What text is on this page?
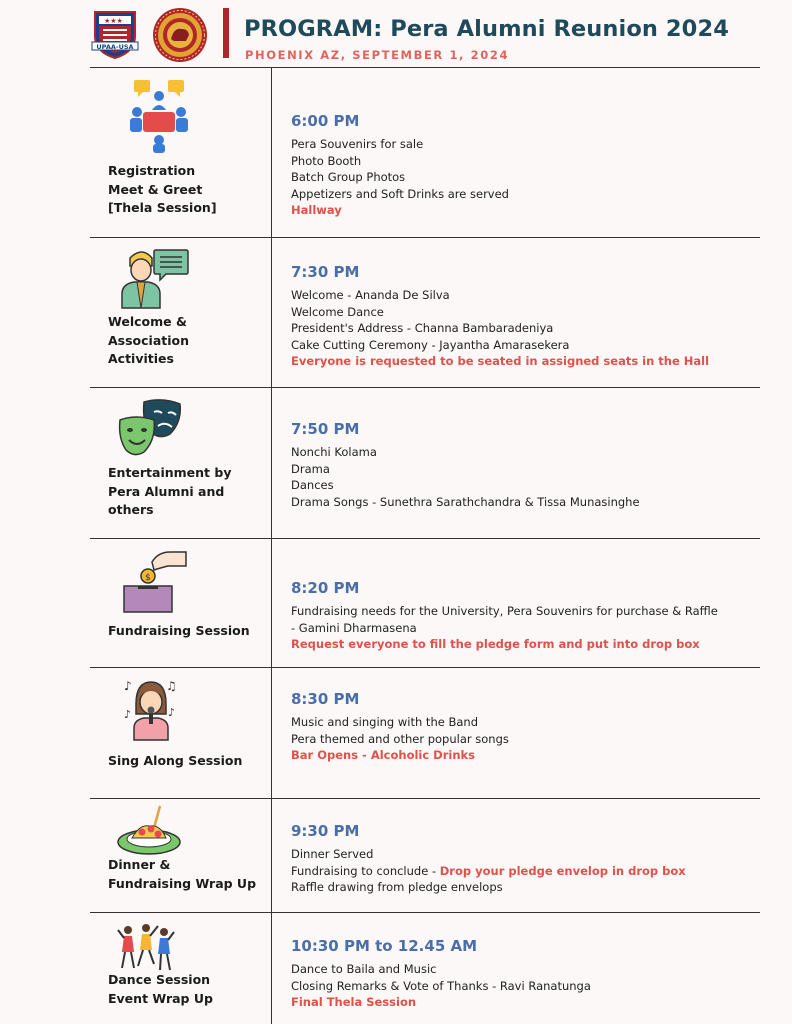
★★★
UPAA-USA
PROGRAM: Pera Alumni Reunion 2024
PHOENIX AZ, SEPTEMBER 1, 2024
Registration
Meet & Greet
[Thela Session]
6:00 PM
Pera Souvenirs for sale
Photo Booth
Batch Group Photos
Appetizers and Soft Drinks are served
Hallway
Welcome &
Association
Activities
7:30 PM
Welcome - Ananda De Silva
Welcome Dance
President's Address - Channa Bambaradeniya
Cake Cutting Ceremony - Jayantha Amarasekera
Everyone is requested to be seated in assigned seats in the Hall
Entertainment by
Pera Alumni and
others
7:50 PM
Nonchi Kolama
Drama
Dances
Drama Songs - Sunethra Sarathchandra & Tissa Munasinghe
$
Fundraising Session
8:20 PM
Fundraising needs for the University, Pera Souvenirs for purchase & Raffle
- Gamini Dharmasena
Request everyone to fill the pledge form and put into drop box
♪	♫
♪	♪
Sing Along Session
8:30 PM
Music and singing with the Band
Pera themed and other popular songs
Bar Opens - Alcoholic Drinks
Dinner &
Fundraising Wrap Up
9:30 PM
Dinner Served
Fundraising to conclude - Drop your pledge envelop in drop box
Raffle drawing from pledge envelops
Dance Session
Event Wrap Up
10:30 PM to 12.45 AM
Dance to Baila and Music
Closing Remarks & Vote of Thanks - Ravi Ranatunga
Final Thela Session
